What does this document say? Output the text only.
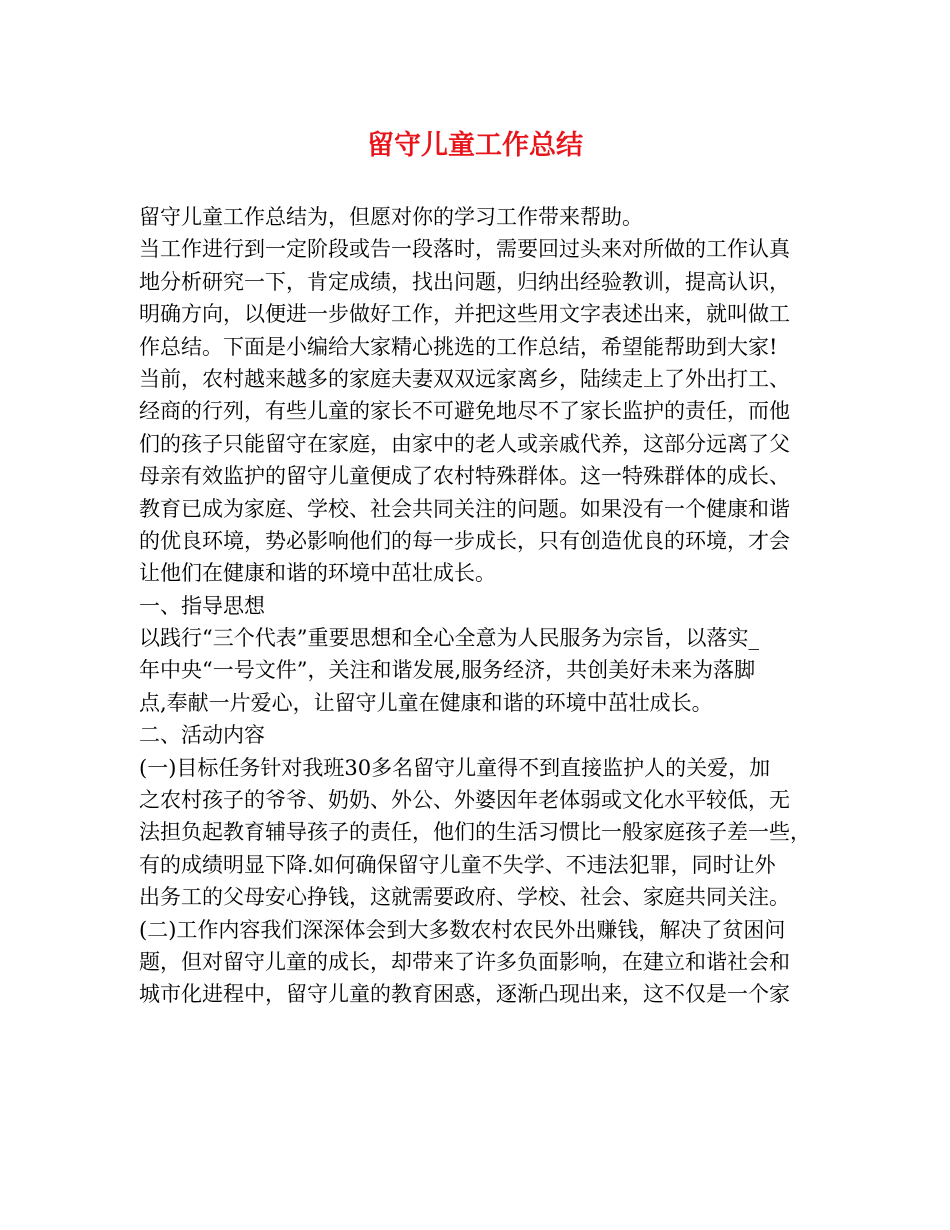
留守儿童工作总结
留守儿童工作总结为，但愿对你的学习工作带来帮助。
当工作进行到一定阶段或告一段落时，需要回过头来对所做的工作认真
地分析研究一下，肯定成绩，找出问题，归纳出经验教训，提高认识，
明确方向，以便进一步做好工作，并把这些用文字表述出来，就叫做工
作总结。下面是小编给大家精心挑选的工作总结，希望能帮助到大家!
当前，农村越来越多的家庭夫妻双双远家离乡，陆续走上了外出打工、
经商的行列，有些儿童的家长不可避免地尽不了家长监护的责任，而他
们的孩子只能留守在家庭，由家中的老人或亲戚代养，这部分远离了父
母亲有效监护的留守儿童便成了农村特殊群体。这一特殊群体的成长、
教育已成为家庭、学校、社会共同关注的问题。如果没有一个健康和谐
的优良环境，势必影响他们的每一步成长，只有创造优良的环境，才会
让他们在健康和谐的环境中茁壮成长。
一、指导思想
以践行“三个代表”重要思想和全心全意为人民服务为宗旨，以落实_
年中央“一号文件”，关注和谐发展,服务经济，共创美好未来为落脚
点,奉献一片爱心，让留守儿童在健康和谐的环境中茁壮成长。
二、活动内容
(一)目标任务针对我班30多名留守儿童得不到直接监护人的关爱，加
之农村孩子的爷爷、奶奶、外公、外婆因年老体弱或文化水平较低，无
法担负起教育辅导孩子的责任，他们的生活习惯比一般家庭孩子差一些，
有的成绩明显下降.如何确保留守儿童不失学、不违法犯罪，同时让外
出务工的父母安心挣钱，这就需要政府、学校、社会、家庭共同关注。
(二)工作内容我们深深体会到大多数农村农民外出赚钱，解决了贫困问
题，但对留守儿童的成长，却带来了许多负面影响，在建立和谐社会和
城市化进程中，留守儿童的教育困惑，逐渐凸现出来，这不仅是一个家
